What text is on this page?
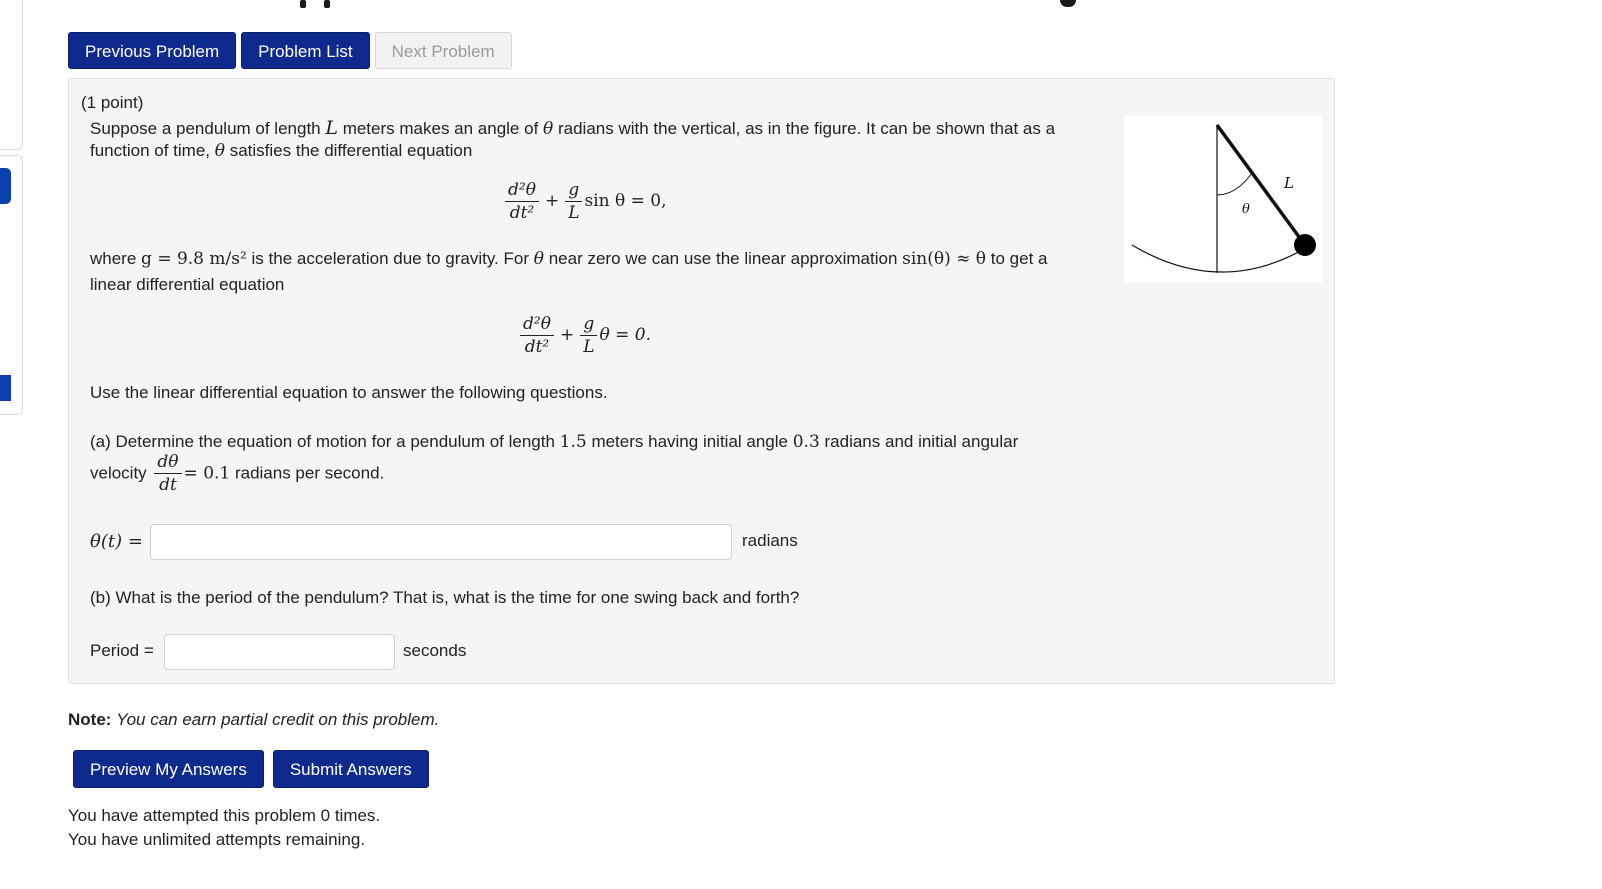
Previous Problem	Problem List	Next Problem
(1 point)
Suppose a pendulum of length L meters makes an angle of θ radians with the vertical, as in the figure. It can be shown that as a
function of time, θ satisfies the differential equation
$\frac{\text{d²θ}}{\text{dt²}} + \frac{g}{L}$ sin θ = 0,
where g = 9.8 m/s² is the acceleration due to gravity. For θ near zero we can use the linear approximation sin(θ) ≈ θ to get a
linear differential equation
$\frac{\text{d²θ}}{\text{dt²}} + \frac{g}{L}$ θ = 0.
Use the linear differential equation to answer the following questions.
(a) Determine the equation of motion for a pendulum of length 1.5 meters having initial angle 0.3 radians and initial angular
velocity $\frac{d\theta}{dt} = 0.1$ radians per second.
θ(t) =	radians
(b) What is the period of the pendulum? That is, what is the time for one swing back and forth?
Period =	seconds
L
θ
Note: You can earn partial credit on this problem.
Preview My Answers	Submit Answers
You have attempted this problem 0 times.
You have unlimited attempts remaining.
